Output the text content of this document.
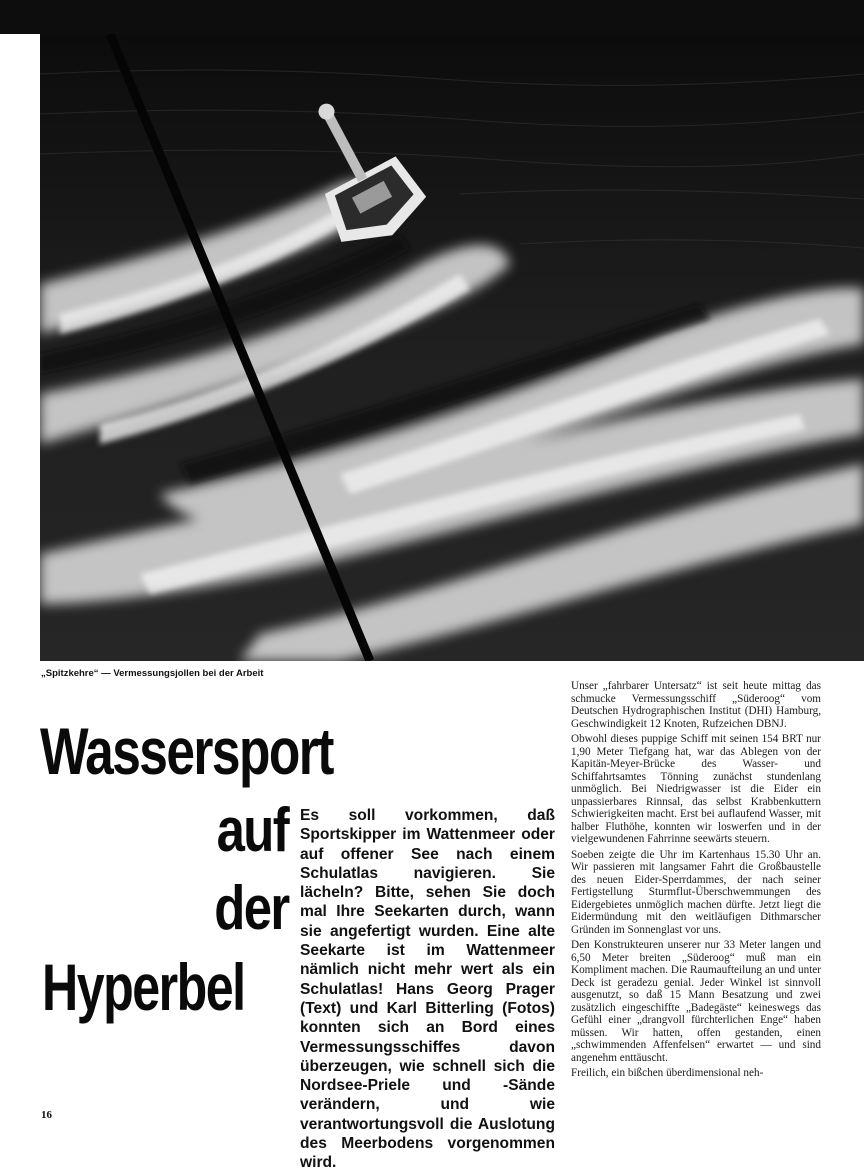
„Spitzkehre“ — Vermessungsjollen bei der Arbeit
Wassersport
auf
der
Hyperbel

Es soll vorkommen, daß Sportskipper im Wattenmeer oder auf offener See nach einem Schulatlas navigieren. Sie lächeln? Bitte, sehen Sie doch mal Ihre Seekarten durch, wann sie angefertigt wurden. Eine alte Seekarte ist im Wattenmeer nämlich nicht mehr wert als ein Schulatlas! Hans Georg Prager (Text) und Karl Bitterling (Fotos) konnten sich an Bord eines Vermessungsschiffes davon überzeugen, wie schnell sich die Nordsee-Priele und -Sände verändern, und wie verantwortungsvoll die Auslotung des Meerbodens vorgenommen wird.

Unser „fahrbarer Untersatz“ ist seit heute mittag das schmucke Vermessungsschiff „Süderoog“ vom Deutschen Hydrographischen Institut (DHI) Hamburg, Geschwindigkeit 12 Knoten, Rufzeichen DBNJ.

Obwohl dieses puppige Schiff mit seinen 154 BRT nur 1,90 Meter Tiefgang hat, war das Ablegen von der Kapitän-Meyer-Brücke des Wasser- und Schiffahrtsamtes Tönning zunächst stundenlang unmöglich. Bei Niedrigwasser ist die Eider ein unpassierbares Rinnsal, das selbst Krabbenkuttern Schwierigkeiten macht. Erst bei auflaufend Wasser, mit halber Fluthöhe, konnten wir loswerfen und in der vielgewundenen Fahrrinne seewärts steuern.

Soeben zeigte die Uhr im Kartenhaus 15.30 Uhr an. Wir passieren mit langsamer Fahrt die Großbaustelle des neuen Eider-Sperrdammes, der nach seiner Fertigstellung Sturmflut-Überschwemmungen des Eidergebietes unmöglich machen dürfte. Jetzt liegt die Eidermündung mit den weitläufigen Dithmarscher Gründen im Sonnenglast vor uns.

Den Konstrukteuren unserer nur 33 Meter langen und 6,50 Meter breiten „Süderoog“ muß man ein Kompliment machen. Die Raumaufteilung an und unter Deck ist geradezu genial. Jeder Winkel ist sinnvoll ausgenutzt, so daß 15 Mann Besatzung und zwei zusätzlich eingeschiffte „Badegäste“ keineswegs das Gefühl einer „drangvoll fürchterlichen Enge“ haben müssen. Wir hatten, offen gestanden, einen „schwimmenden Affenfelsen“ erwartet — und sind angenehm enttäuscht.

Freilich, ein bißchen überdimensional neh-

16
